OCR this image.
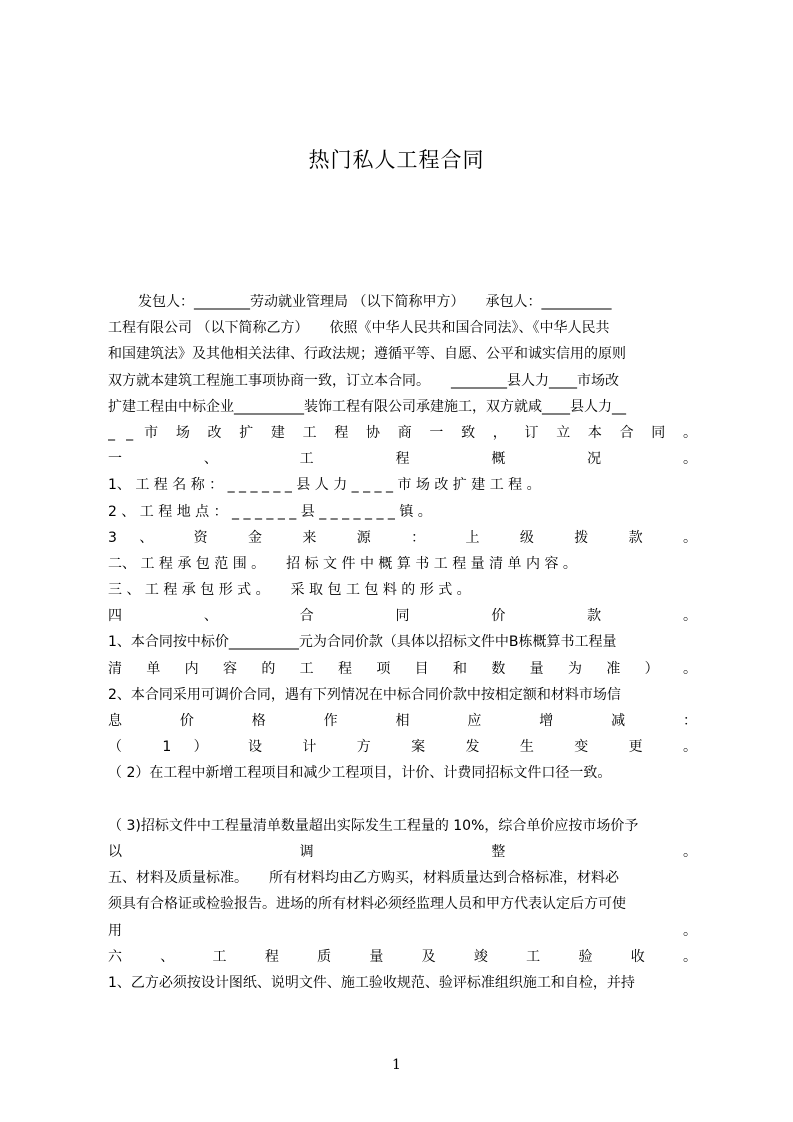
热门私人工程合同
发包人：________劳动就业管理局 （以下简称甲方）　　承包人：__________
工程有限公司 （以下简称乙方）　　依照《中华人民共和国合同法》、《中华人民共
和国建筑法》及其他相关法律、行政法规；遵循平等、自愿、公平和诚实信用的原则
双方就本建筑工程施工事项协商一致，订立本合同。　　________县人力____市场改
扩建工程由中标企业__________装饰工程有限公司承建施工，双方就咸____县人力__
_ _ 市 场 改 扩 建 工 程 协 商 一 致 ， 订 立 本 合 同 。
一 、 工 程 概 况 。
1、 工 程 名 称 ： _ _ _ _ _ _ 县 人 力 _ _ _ _ 市 场 改 扩 建 工 程 。
2 、 工 程 地 点 ： _ _ _ _ _ _ 县 _ _ _ _ _ _ _ 镇 。
3 、 资 金 来 源 ： 上 级 拨 款 。
二、 工 程 承 包 范 围 。　　招 标 文 件 中 概 算 书 工 程 量 清 单 内 容 。
三 、 工 程 承 包 形 式 。　　采 取 包 工 包 料 的 形 式 。
四 、 合 同 价 款 。
1、本合同按中标价__________元为合同价款（具体以招标文件中B栋概算书工程量
清 单 内 容 的 工 程 项 目 和 数 量 为 准 ） 。
2、本合同采用可调价合同，遇有下列情况在中标合同价款中按相定额和材料市场信
息 价 格 作 相 应 增 减 ：
（ 1 ） 设 计 方 案 发 生 变 更 。
（ 2）在工程中新增工程项目和减少工程项目，计价、计费同招标文件口径一致。
（ 3)招标文件中工程量清单数量超出实际发生工程量的 10%，综合单价应按市场价予
以 调 整 。
五、材料及质量标准。　　所有材料均由乙方购买，材料质量达到合格标准，材料必
须具有合格证或检验报告。进场的所有材料必须经监理人员和甲方代表认定后方可使
用 。
六 、 工 程 质 量 及 竣 工 验 收 。
1、乙方必须按设计图纸、说明文件、施工验收规范、验评标准组织施工和自检，并持
1
